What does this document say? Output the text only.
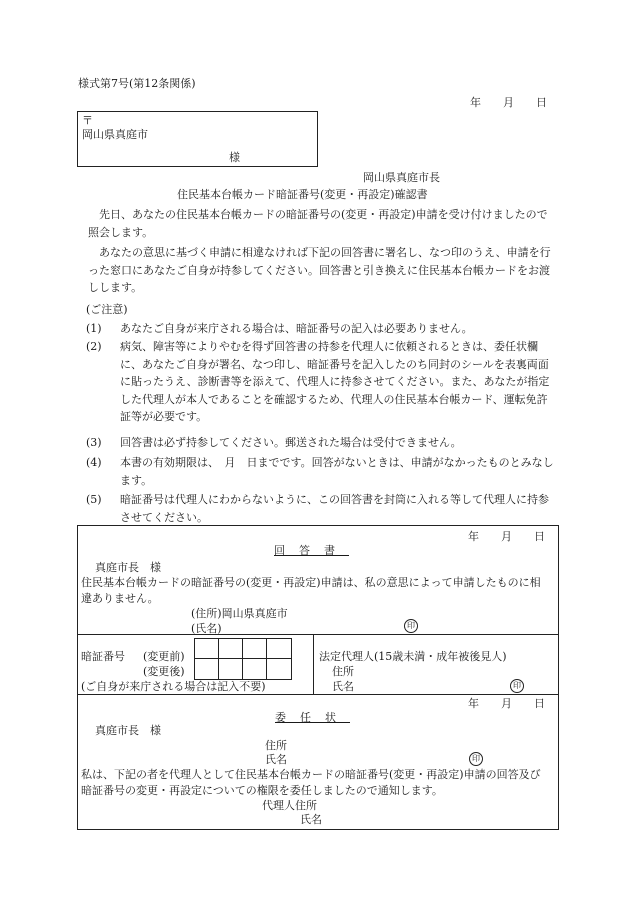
様式第7号(第12条関係)
年　　月　　日
〒
岡山県真庭市
様
岡山県真庭市長
住民基本台帳カード暗証番号(変更・再設定)確認書
先日、あなたの住民基本台帳カードの暗証番号の(変更・再設定)申請を受け付けましたので照会します。
あなたの意思に基づく申請に相違なければ下記の回答書に署名し、なつ印のうえ、申請を行った窓口にあなたご自身が持参してください。回答書と引き換えに住民基本台帳カードをお渡しします。
(ご注意)
(1) あなたご自身が来庁される場合は、暗証番号の記入は必要ありません。
(2) 病気、障害等によりやむを得ず回答書の持参を代理人に依頼されるときは、委任状欄に、あなたご自身が署名、なつ印し、暗証番号を記入したのち同封のシールを表裏両面に貼ったうえ、診断書等を添えて、代理人に持参させてください。また、あなたが指定した代理人が本人であることを確認するため、代理人の住民基本台帳カード、運転免許証等が必要です。
(3) 回答書は必ず持参してください。郵送された場合は受付できません。
(4) 本書の有効期限は、　月　日までです。回答がないときは、申請がなかったものとみなします。
(5) 暗証番号は代理人にわからないように、この回答書を封筒に入れる等して代理人に持参させてください。
年　　月　　日
回答書
真庭市長　様
住民基本台帳カードの暗証番号の(変更・再設定)申請は、私の意思によって申請したものに相違ありません。
(住所)岡山県真庭市
(氏名)	印
暗証番号 (変更前)
(変更後)
(ご自身が来庁される場合は記入不要)
法定代理人(15歳未満・成年被後見人)
住所
氏名	印
年　　月　　日
委任状
真庭市長　様
住所
氏名	印
私は、下記の者を代理人として住民基本台帳カードの暗証番号(変更・再設定)申請の回答及び暗証番号の変更・再設定についての権限を委任しましたので通知します。
代理人住所
氏名
